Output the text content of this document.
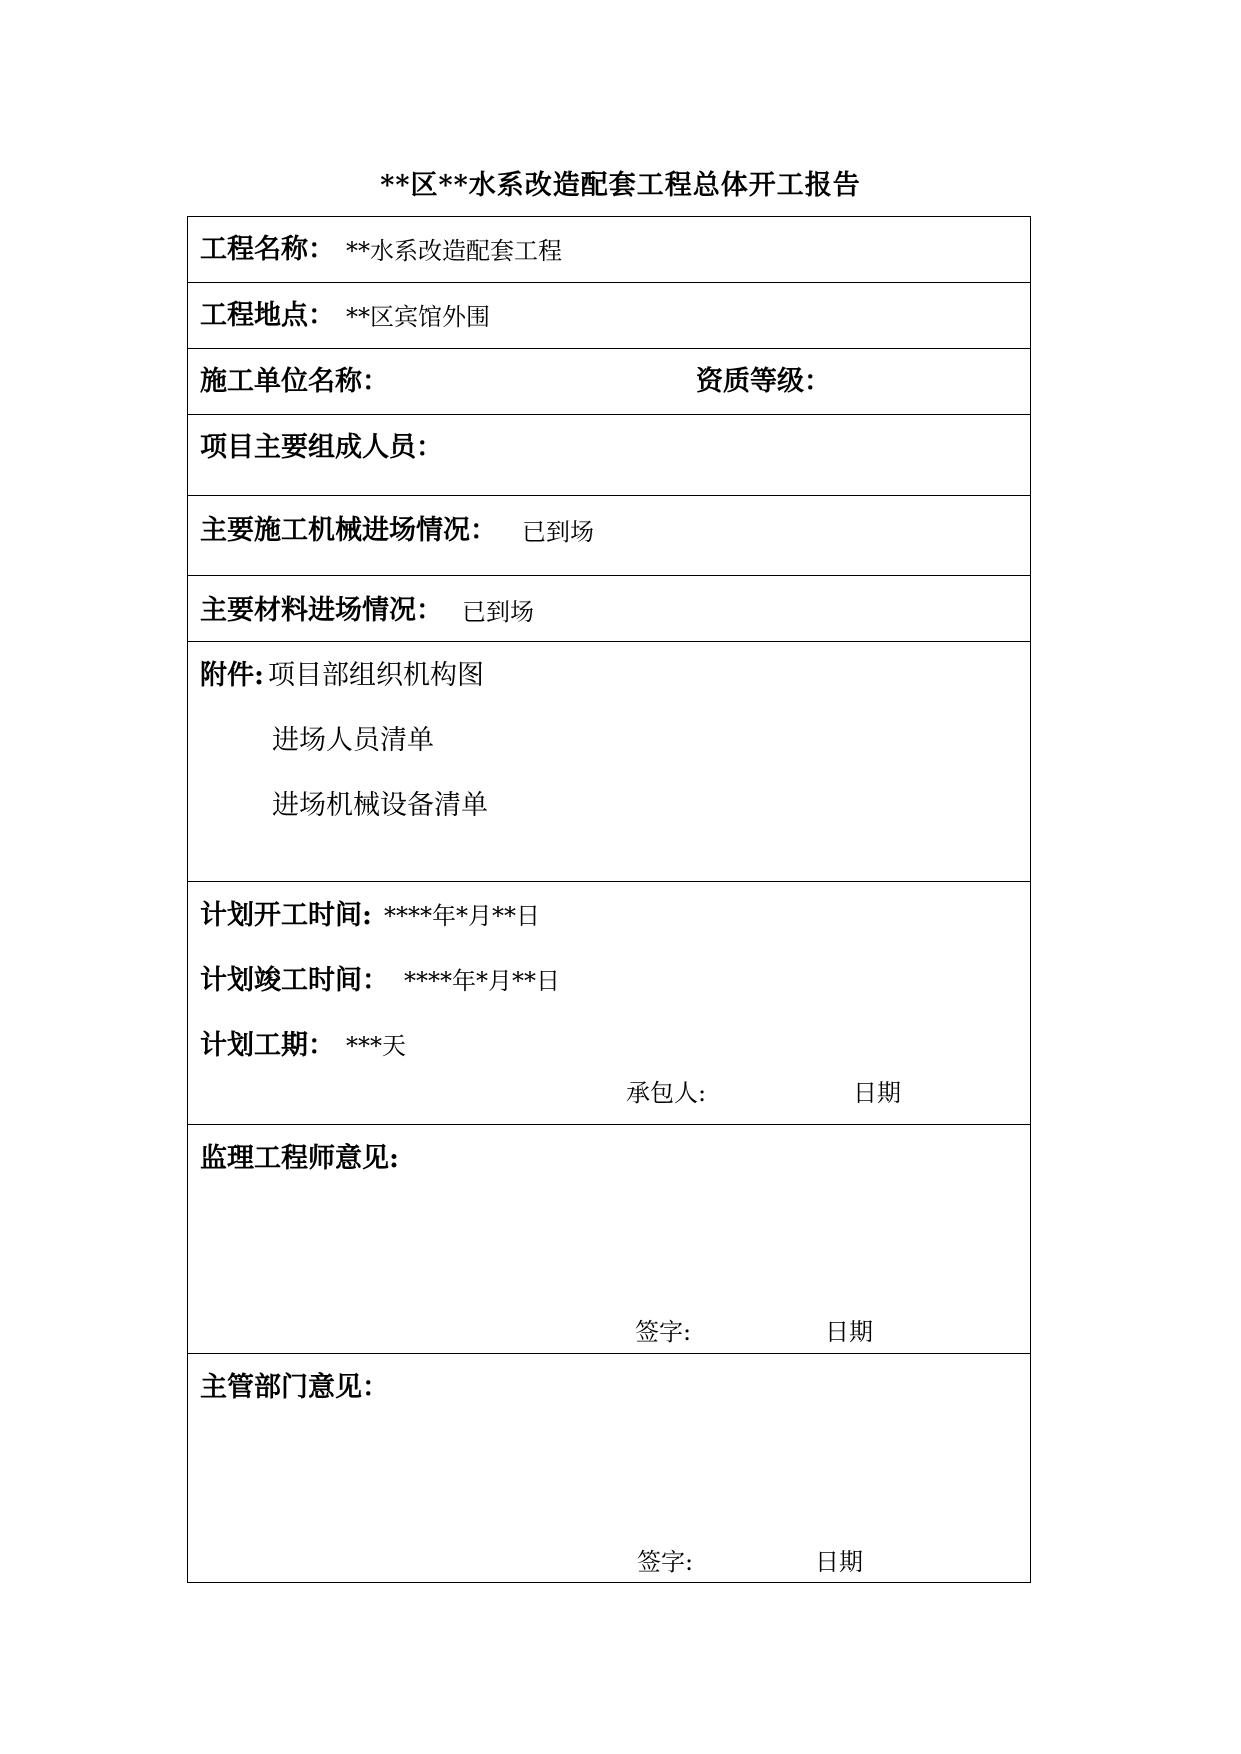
**区**水系改造配套工程总体开工报告
工程名称： **水系改造配套工程
工程地点： **区宾馆外围
施工单位名称：	资质等级：
项目主要组成人员：
主要施工机械进场情况： 已到场
主要材料进场情况： 已到场
附件: 项目部组织机构图
进场人员清单
进场机械设备清单
计划开工时间: ****年*月**日
计划竣工时间： ****年*月**日
计划工期： ***天
承包人:	日期
监理工程师意见:
签字:	日期
主管部门意见：
签字:	日期
